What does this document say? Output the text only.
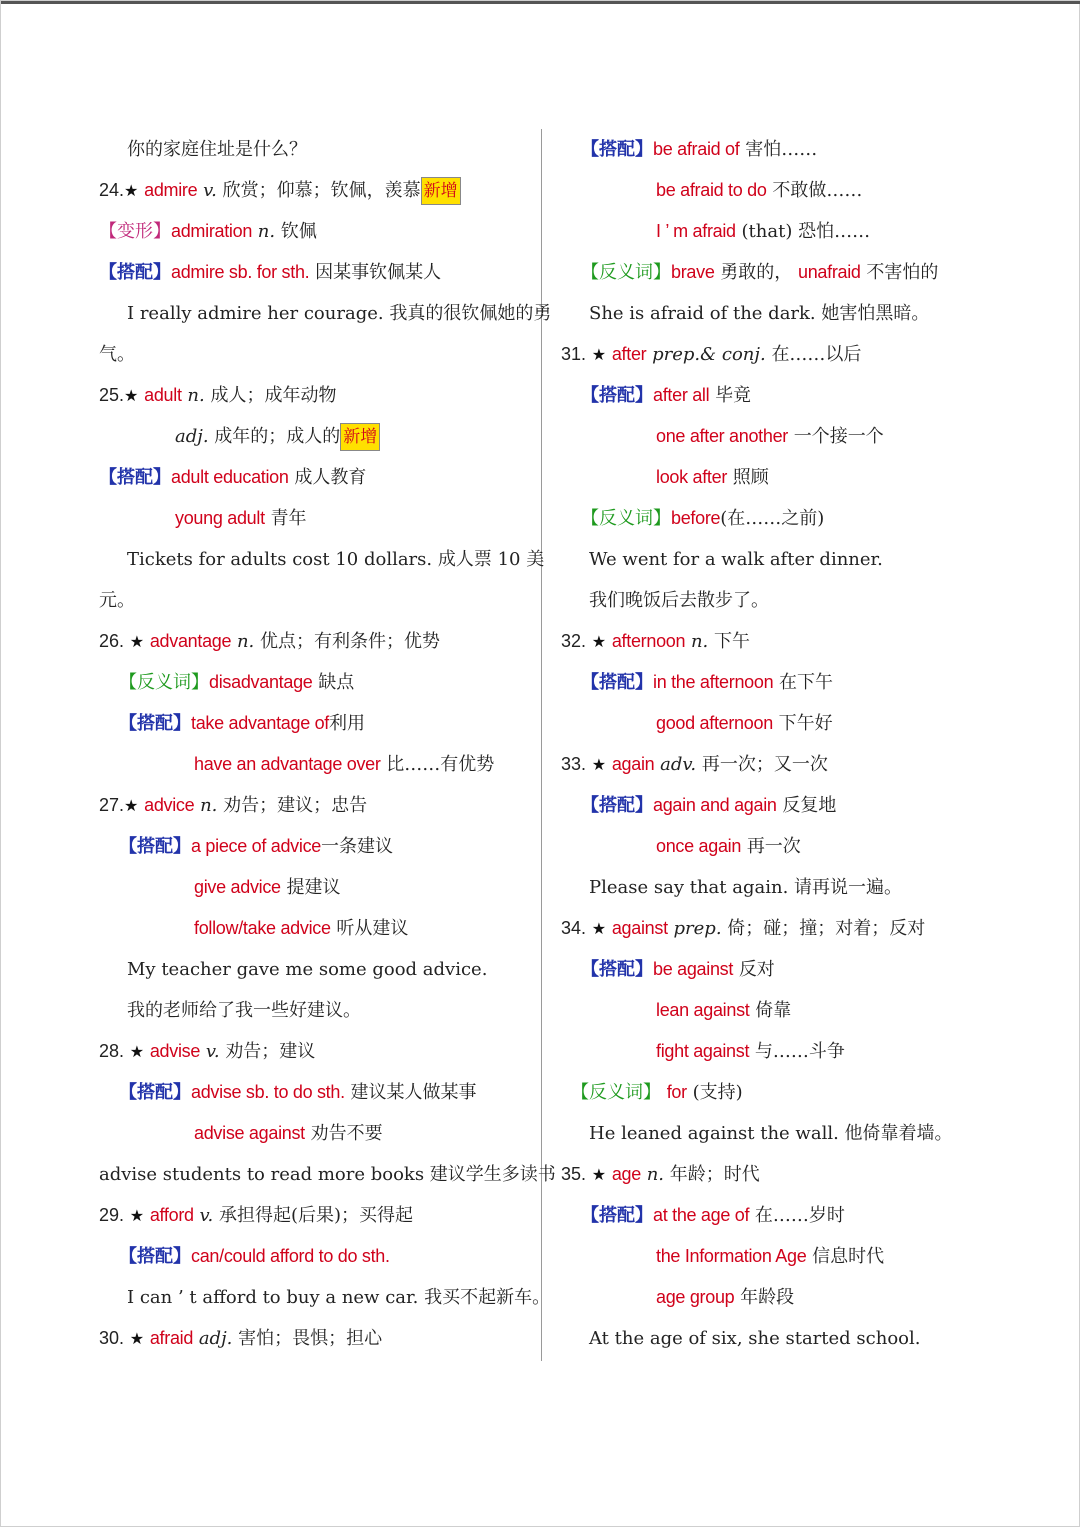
你的家庭住址是什么？
24.★ admire v. 欣赏；仰慕；钦佩，羡慕 新增
【变形】admiration n. 钦佩
【搭配】admire sb. for sth. 因某事钦佩某人
I really admire her courage. 我真的很钦佩她的勇
气。
25.★ adult n. 成人；成年动物
adj. 成年的；成人的 新增
【搭配】adult education 成人教育
young adult 青年
Tickets for adults cost 10 dollars. 成人票 10 美
元。
26. ★ advantage n. 优点；有利条件；优势
【反义词】disadvantage 缺点
【搭配】take advantage of利用
have an advantage over 比……有优势
27.★ advice n. 劝告；建议；忠告
【搭配】a piece of advice一条建议
give advice 提建议
follow/take advice 听从建议
My teacher gave me some good advice.
我的老师给了我一些好建议。
28. ★ advise v. 劝告；建议
【搭配】advise sb. to do sth. 建议某人做某事
advise against 劝告不要
advise students to read more books 建议学生多读书
29. ★ afford v. 承担得起(后果)；买得起
【搭配】can/could afford to do sth.
I can ’ t afford to buy a new car. 我买不起新车。
30. ★ afraid adj. 害怕；畏惧；担心
【搭配】be afraid of 害怕……
be afraid to do 不敢做……
I ’ m afraid (that) 恐怕……
【反义词】brave 勇敢的， unafraid 不害怕的
She is afraid of the dark. 她害怕黑暗。
31. ★ after prep.& conj. 在……以后
【搭配】after all 毕竟
one after another 一个接一个
look after 照顾
【反义词】before(在……之前)
We went for a walk after dinner.
我们晚饭后去散步了。
32. ★ afternoon n. 下午
【搭配】in the afternoon 在下午
good afternoon 下午好
33. ★ again adv. 再一次；又一次
【搭配】again and again 反复地
once again 再一次
Please say that again. 请再说一遍。
34. ★ against prep. 倚；碰；撞；对着；反对
【搭配】be against 反对
lean against 倚靠
fight against 与……斗争
【反义词】 for (支持)
He leaned against the wall. 他倚靠着墙。
35. ★ age n. 年龄；时代
【搭配】at the age of 在……岁时
the Information Age 信息时代
age group 年龄段
At the age of six, she started school.
